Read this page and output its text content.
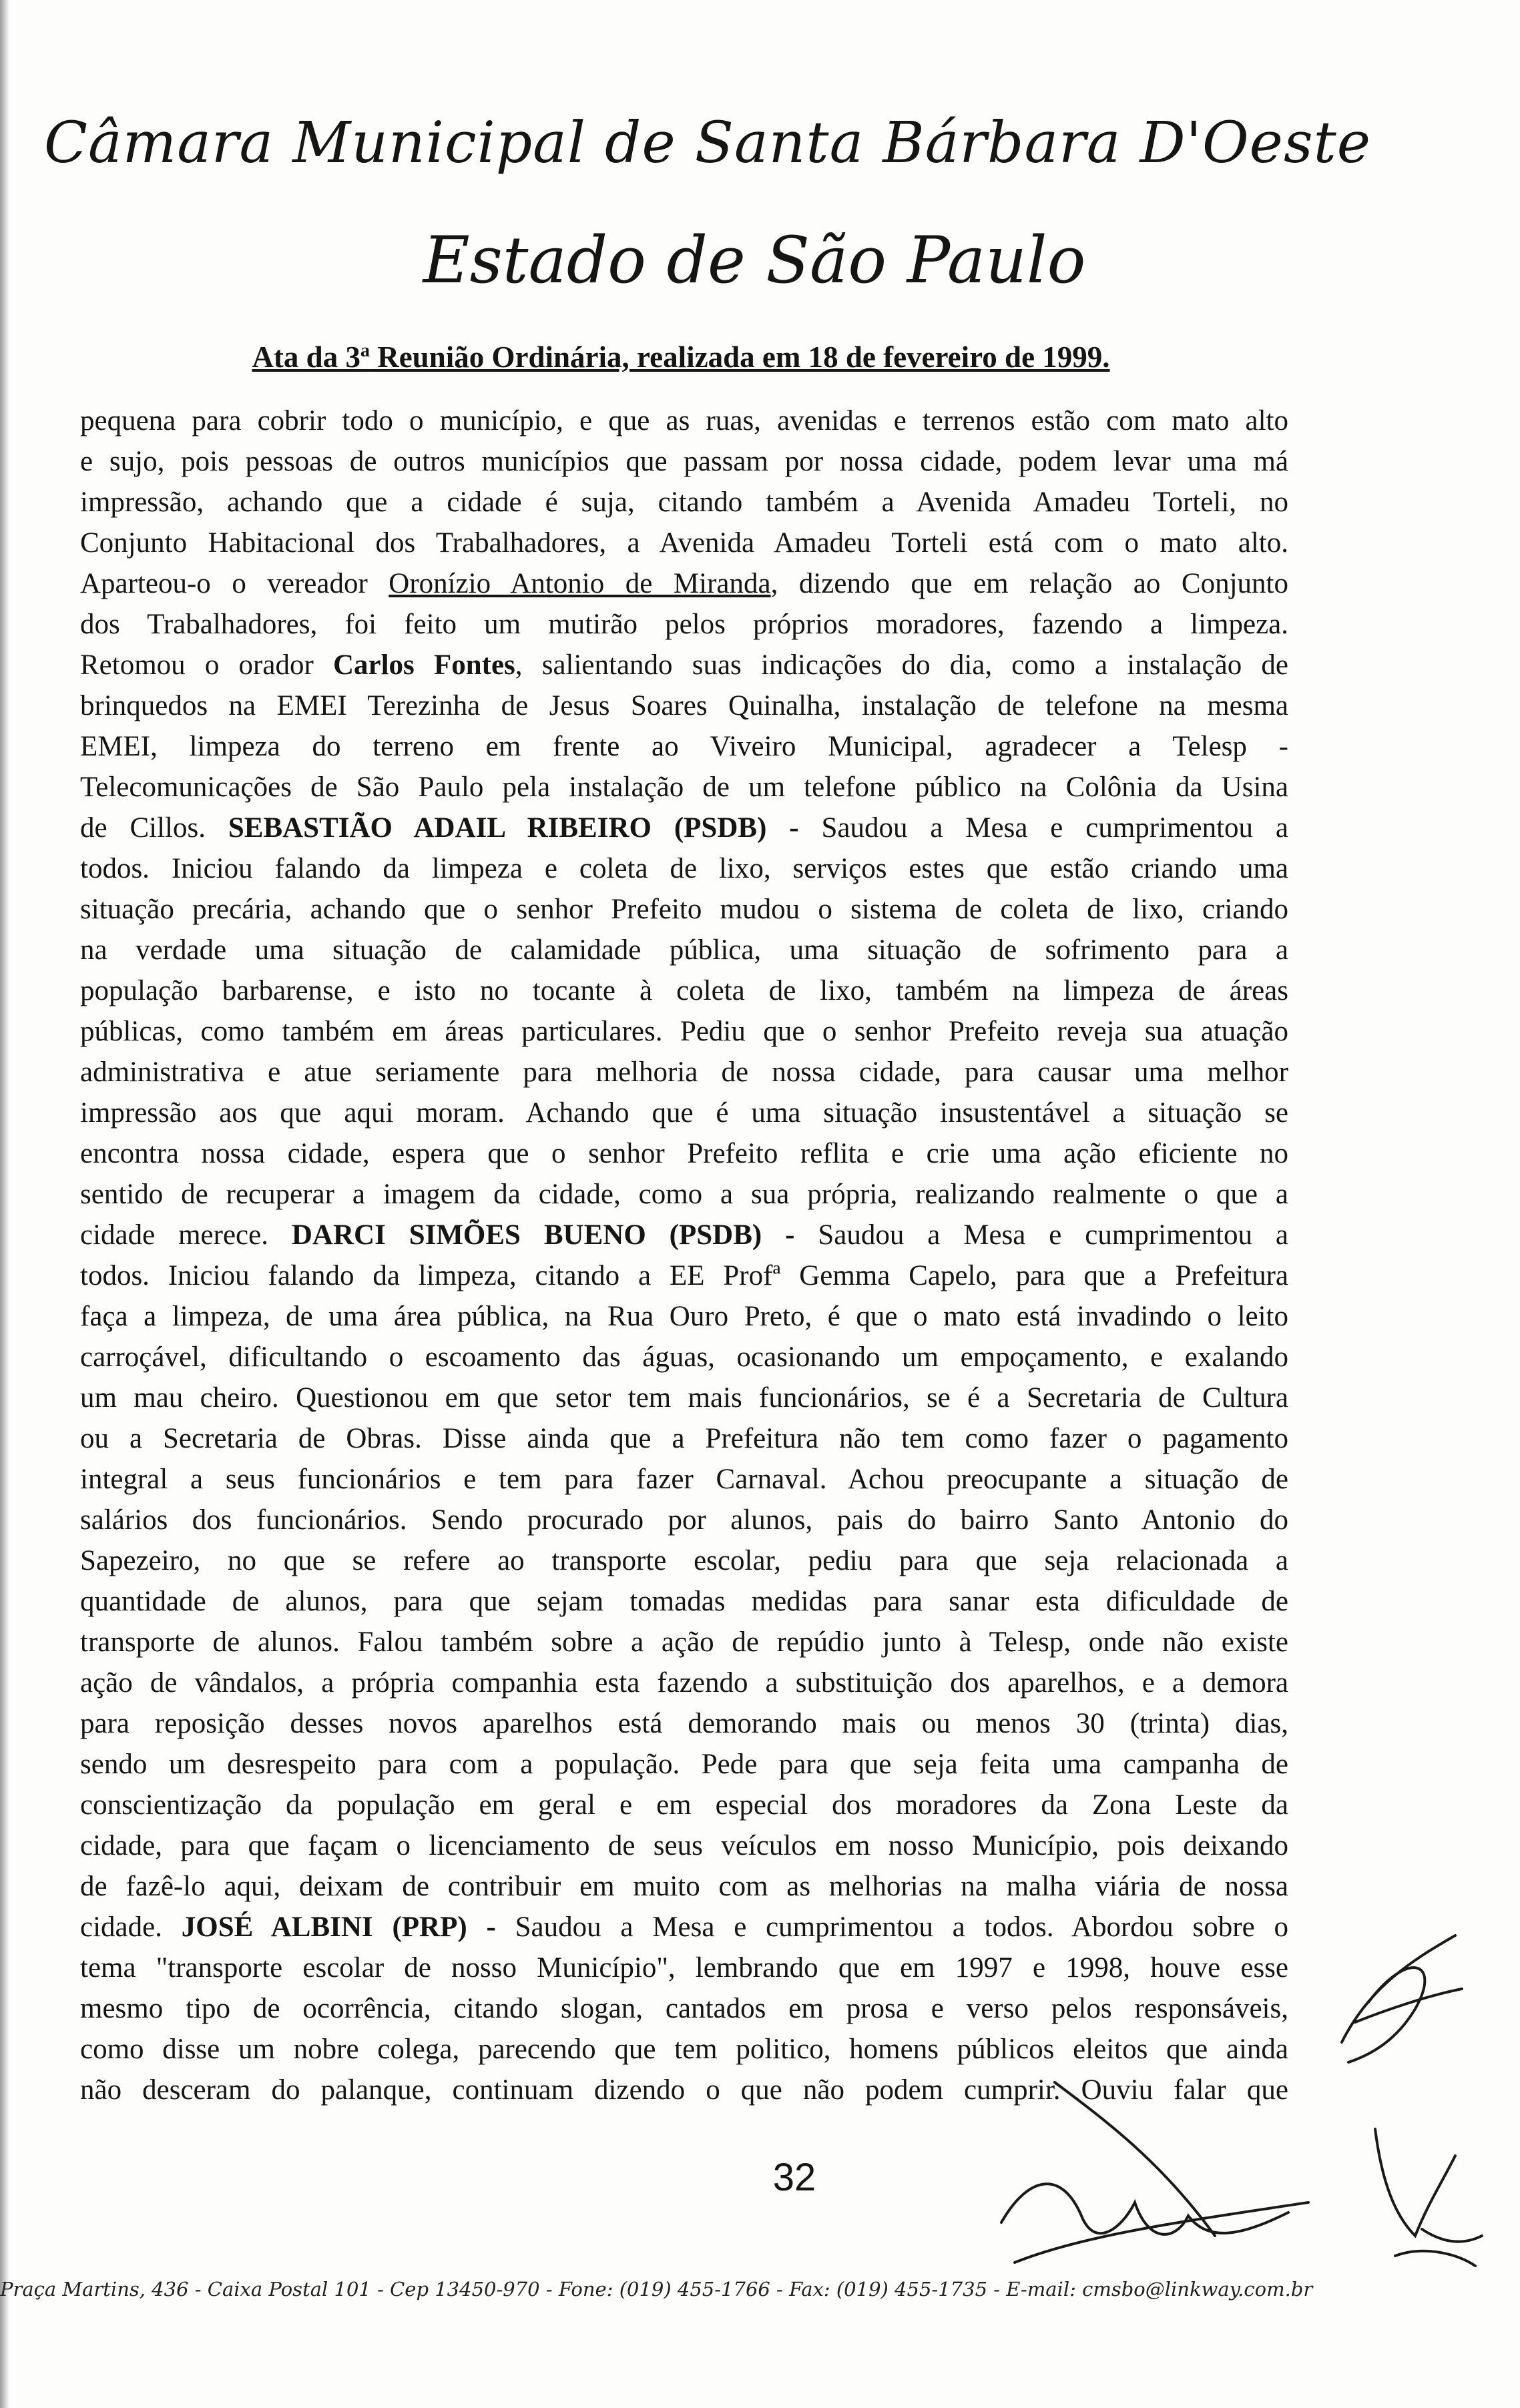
Câmara Municipal de Santa Bárbara D'Oeste
Estado de São Paulo
Ata da 3$^a$ Reunião Ordinária, realizada em 18 de fevereiro de 1999.
pequena para cobrir todo o município, e que as ruas, avenidas e terrenos estão com mato alto
e sujo, pois pessoas de outros municípios que passam por nossa cidade, podem levar uma má
impressão, achando que a cidade é suja, citando também a Avenida Amadeu Torteli, no
Conjunto Habitacional dos Trabalhadores, a Avenida Amadeu Torteli está com o mato alto.
Aparteou-o o vereador Oronízio Antonio de Miranda, dizendo que em relação ao Conjunto
dos Trabalhadores, foi feito um mutirão pelos próprios moradores, fazendo a limpeza.
Retomou o orador Carlos Fontes, salientando suas indicações do dia, como a instalação de
brinquedos na EMEI Terezinha de Jesus Soares Quinalha, instalação de telefone na mesma
EMEI, limpeza do terreno em frente ao Viveiro Municipal, agradecer a Telesp -
Telecomunicações de São Paulo pela instalação de um telefone público na Colônia da Usina
de Cillos. SEBASTIÃO ADAIL RIBEIRO (PSDB) - Saudou a Mesa e cumprimentou a
todos. Iniciou falando da limpeza e coleta de lixo, serviços estes que estão criando uma
situação precária, achando que o senhor Prefeito mudou o sistema de coleta de lixo, criando
na verdade uma situação de calamidade pública, uma situação de sofrimento para a
população barbarense, e isto no tocante à coleta de lixo, também na limpeza de áreas
públicas, como também em áreas particulares. Pediu que o senhor Prefeito reveja sua atuação
administrativa e atue seriamente para melhoria de nossa cidade, para causar uma melhor
impressão aos que aqui moram. Achando que é uma situação insustentável a situação se
encontra nossa cidade, espera que o senhor Prefeito reflita e crie uma ação eficiente no
sentido de recuperar a imagem da cidade, como a sua própria, realizando realmente o que a
cidade merece. DARCI SIMÕES BUENO (PSDB) - Saudou a Mesa e cumprimentou a
todos. Iniciou falando da limpeza, citando a EE Profª Gemma Capelo, para que a Prefeitura
faça a limpeza, de uma área pública, na Rua Ouro Preto, é que o mato está invadindo o leito
carroçável, dificultando o escoamento das águas, ocasionando um empoçamento, e exalando
um mau cheiro. Questionou em que setor tem mais funcionários, se é a Secretaria de Cultura
ou a Secretaria de Obras. Disse ainda que a Prefeitura não tem como fazer o pagamento
integral a seus funcionários e tem para fazer Carnaval. Achou preocupante a situação de
salários dos funcionários. Sendo procurado por alunos, pais do bairro Santo Antonio do
Sapezeiro, no que se refere ao transporte escolar, pediu para que seja relacionada a
quantidade de alunos, para que sejam tomadas medidas para sanar esta dificuldade de
transporte de alunos. Falou também sobre a ação de repúdio junto à Telesp, onde não existe
ação de vândalos, a própria companhia esta fazendo a substituição dos aparelhos, e a demora
para reposição desses novos aparelhos está demorando mais ou menos 30 (trinta) dias,
sendo um desrespeito para com a população. Pede para que seja feita uma campanha de
conscientização da população em geral e em especial dos moradores da Zona Leste da
cidade, para que façam o licenciamento de seus veículos em nosso Município, pois deixando
de fazê-lo aqui, deixam de contribuir em muito com as melhorias na malha viária de nossa
cidade. JOSÉ ALBINI (PRP) - Saudou a Mesa e cumprimentou a todos. Abordou sobre o
tema "transporte escolar de nosso Município", lembrando que em 1997 e 1998, houve esse
mesmo tipo de ocorrência, citando slogan, cantados em prosa e verso pelos responsáveis,
como disse um nobre colega, parecendo que tem politico, homens públicos eleitos que ainda
não desceram do palanque, continuam dizendo o que não podem cumprir. Ouviu falar que
32
Praça Martins, 436 - Caixa Postal 101 - Cep 13450-970 - Fone: (019) 455-1766 - Fax: (019) 455-1735 - E-mail: cmsbo@linkway.com.br
